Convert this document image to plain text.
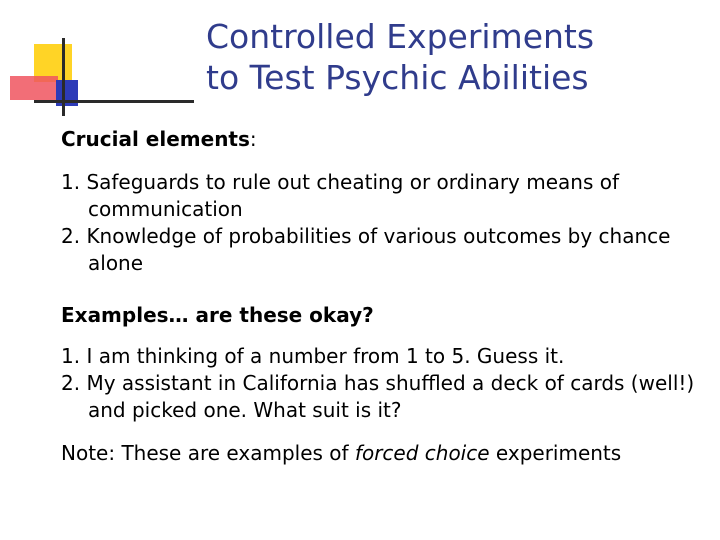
Controlled Experiments
to Test Psychic Abilities

Crucial elements:

1. Safeguards to rule out cheating or ordinary means of communication
2. Knowledge of probabilities of various outcomes by chance alone

Examples… are these okay?

1. I am thinking of a number from 1 to 5. Guess it.
2. My assistant in California has shuffled a deck of cards (well!) and picked one. What suit is it?

Note: These are examples of forced choice experiments
